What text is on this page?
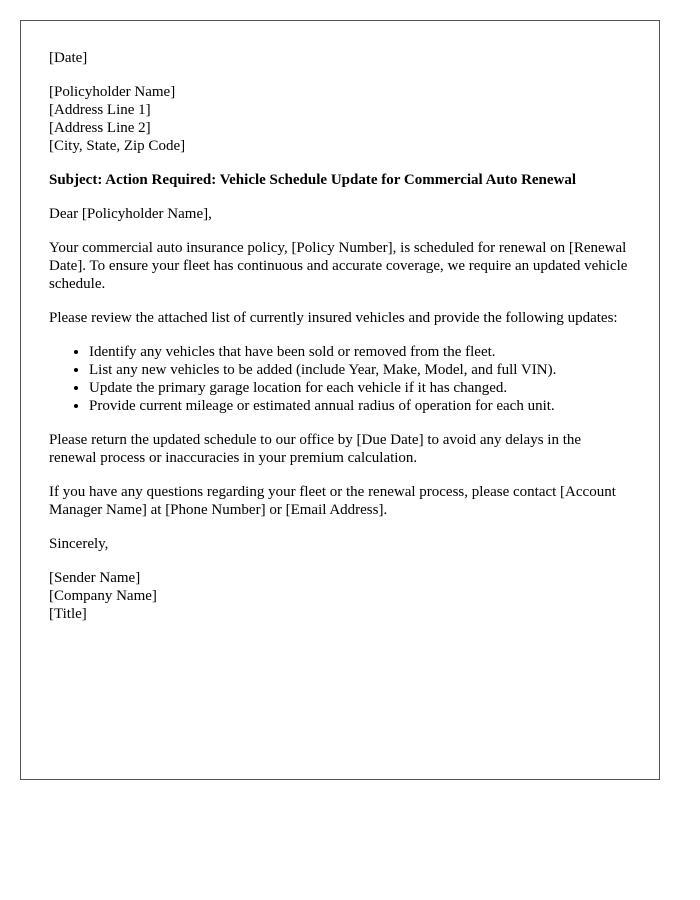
[Date]
[Policyholder Name]
[Address Line 1]
[Address Line 2]
[City, State, Zip Code]
Subject: Action Required: Vehicle Schedule Update for Commercial Auto Renewal
Dear [Policyholder Name],
Your commercial auto insurance policy, [Policy Number], is scheduled for renewal on [Renewal Date]. To ensure your fleet has continuous and accurate coverage, we require an updated vehicle schedule.
Please review the attached list of currently insured vehicles and provide the following updates:
• Identify any vehicles that have been sold or removed from the fleet.
• List any new vehicles to be added (include Year, Make, Model, and full VIN).
• Update the primary garage location for each vehicle if it has changed.
• Provide current mileage or estimated annual radius of operation for each unit.
Please return the updated schedule to our office by [Due Date] to avoid any delays in the renewal process or inaccuracies in your premium calculation.
If you have any questions regarding your fleet or the renewal process, please contact [Account Manager Name] at [Phone Number] or [Email Address].
Sincerely,
[Sender Name]
[Company Name]
[Title]
